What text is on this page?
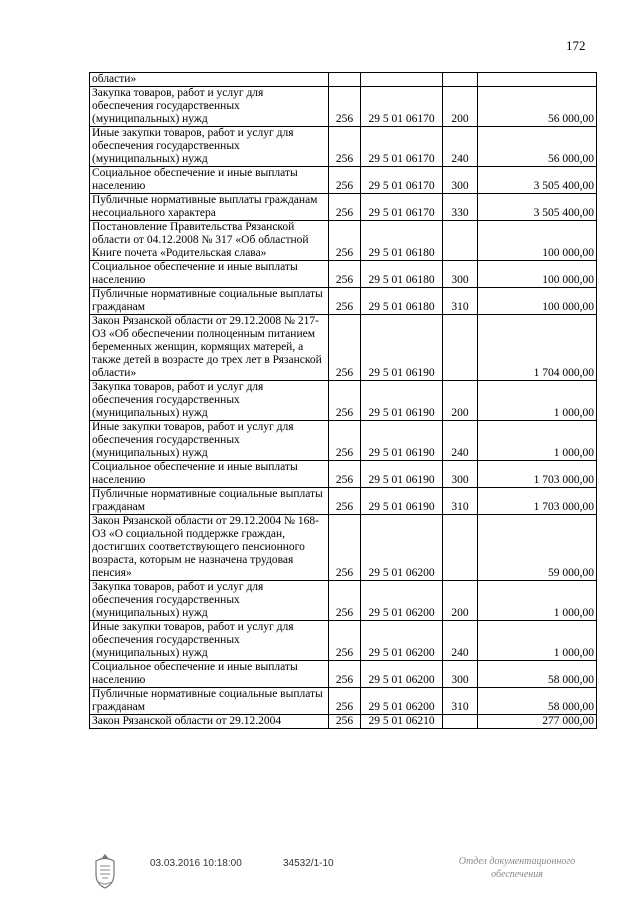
172
области»				
Закупка товаров, работ и услуг для обеспечения государственных (муниципальных) нужд	256	29 5 01 06170	200	56 000,00
Иные закупки товаров, работ и услуг для обеспечения государственных (муниципальных) нужд	256	29 5 01 06170	240	56 000,00
Социальное обеспечение и иные выплаты населению	256	29 5 01 06170	300	3 505 400,00
Публичные нормативные выплаты гражданам несоциального характера	256	29 5 01 06170	330	3 505 400,00
Постановление Правительства Рязанской области от 04.12.2008 № 317 «Об областной Книге почета «Родительская слава»	256	29 5 01 06180		100 000,00
Социальное обеспечение и иные выплаты населению	256	29 5 01 06180	300	100 000,00
Публичные нормативные социальные выплаты гражданам	256	29 5 01 06180	310	100 000,00
Закон Рязанской области от 29.12.2008 № 217-ОЗ «Об обеспечении полноценным питанием беременных женщин, кормящих матерей, а также детей в возрасте до трех лет в Рязанской области»	256	29 5 01 06190		1 704 000,00
Закупка товаров, работ и услуг для обеспечения государственных (муниципальных) нужд	256	29 5 01 06190	200	1 000,00
Иные закупки товаров, работ и услуг для обеспечения государственных (муниципальных) нужд	256	29 5 01 06190	240	1 000,00
Социальное обеспечение и иные выплаты населению	256	29 5 01 06190	300	1 703 000,00
Публичные нормативные социальные выплаты гражданам	256	29 5 01 06190	310	1 703 000,00
Закон Рязанской области от 29.12.2004 № 168-ОЗ «О социальной поддержке граждан, достигших соответствующего пенсионного возраста, которым не назначена трудовая пенсия»	256	29 5 01 06200		59 000,00
Закупка товаров, работ и услуг для обеспечения государственных (муниципальных) нужд	256	29 5 01 06200	200	1 000,00
Иные закупки товаров, работ и услуг для обеспечения государственных (муниципальных) нужд	256	29 5 01 06200	240	1 000,00
Социальное обеспечение и иные выплаты населению	256	29 5 01 06200	300	58 000,00
Публичные нормативные социальные выплаты гражданам	256	29 5 01 06200	310	58 000,00
Закон Рязанской области от 29.12.2004	256	29 5 01 06210		277 000,00
03.03.2016 10:18:00	34532/1-10	Отдел документационного обеспечения
